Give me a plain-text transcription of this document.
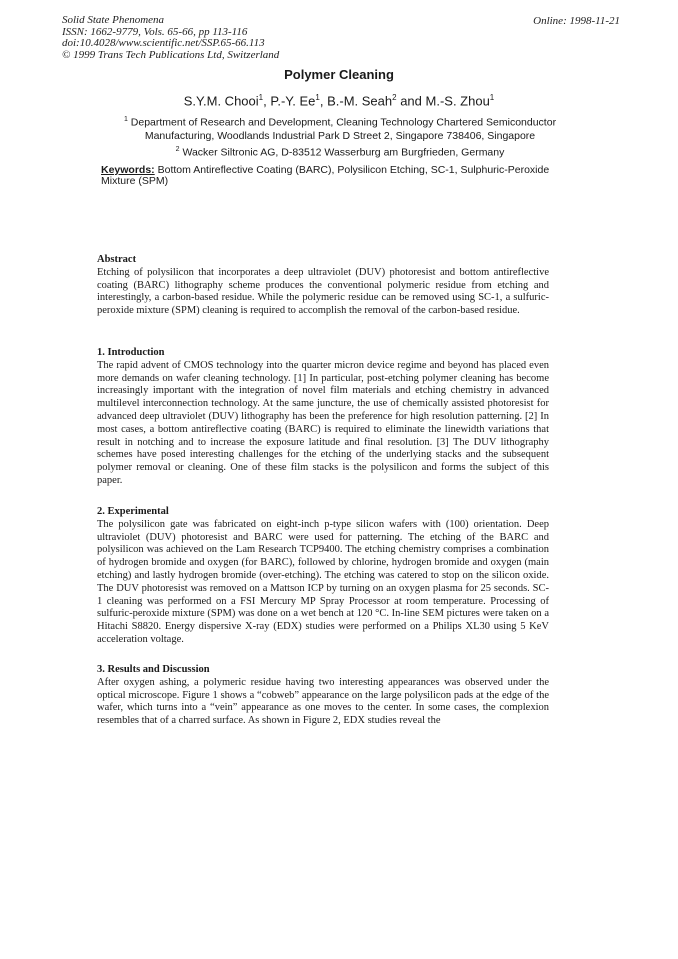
Solid State Phenomena
ISSN: 1662-9779, Vols. 65-66, pp 113-116
doi:10.4028/www.scientific.net/SSP.65-66.113
© 1999 Trans Tech Publications Ltd, Switzerland
Online: 1998-11-21
Polymer Cleaning
S.Y.M. Chooi$^1$, P.-Y. Ee$^1$, B.-M. Seah$^2$ and M.-S. Zhou$^1$
$^1$ Department of Research and Development, Cleaning Technology Chartered Semiconductor Manufacturing, Woodlands Industrial Park D Street 2, Singapore 738406, Singapore
$^2$ Wacker Siltronic AG, D-83512 Wasserburg am Burgfrieden, Germany
Keywords: Bottom Antireflective Coating (BARC), Polysilicon Etching, SC-1, Sulphuric-Peroxide Mixture (SPM)
Abstract

Etching of polysilicon that incorporates a deep ultraviolet (DUV) photoresist and bottom antireflective coating (BARC) lithography scheme produces the conventional polymeric residue from etching and interestingly, a carbon-based residue. While the polymeric residue can be removed using SC-1, a sulfuric-peroxide mixture (SPM) cleaning is required to accomplish the removal of the carbon-based residue.

1. Introduction

The rapid advent of CMOS technology into the quarter micron device regime and beyond has placed even more demands on wafer cleaning technology. [1] In particular, post-etching polymer cleaning has become increasingly important with the integration of novel film materials and etching chemistry in advanced multilevel interconnection technology. At the same juncture, the use of chemically assisted photoresist for advanced deep ultraviolet (DUV) lithography has been the preference for high resolution patterning. [2] In most cases, a bottom antireflective coating (BARC) is required to eliminate the linewidth variations that result in notching and to increase the exposure latitude and final resolution. [3] The DUV lithography schemes have posed interesting challenges for the etching of the underlying stacks and the subsequent polymer removal or cleaning. One of these film stacks is the polysilicon and forms the subject of this paper.

2. Experimental

The polysilicon gate was fabricated on eight-inch p-type silicon wafers with (100) orientation. Deep ultraviolet (DUV) photoresist and BARC were used for patterning. The etching of the BARC and polysilicon was achieved on the Lam Research TCP9400. The etching chemistry comprises a combination of hydrogen bromide and oxygen (for BARC), followed by chlorine, hydrogen bromide and oxygen (main etching) and lastly hydrogen bromide (over-etching). The etching was catered to stop on the silicon oxide. The DUV photoresist was removed on a Mattson ICP by turning on an oxygen plasma for 25 seconds. SC-1 cleaning was performed on a FSI Mercury MP Spray Processor at room temperature. Processing of sulfuric-peroxide mixture (SPM) was done on a wet bench at 120 °C. In-line SEM pictures were taken on a Hitachi S8820. Energy dispersive X-ray (EDX) studies were performed on a Philips XL30 using 5 KeV acceleration voltage.

3. Results and Discussion

After oxygen ashing, a polymeric residue having two interesting appearances was observed under the optical microscope. Figure 1 shows a “cobweb” appearance on the large polysilicon pads at the edge of the wafer, which turns into a “vein” appearance as one moves to the center. In some cases, the complexion resembles that of a charred surface. As shown in Figure 2, EDX studies reveal the
